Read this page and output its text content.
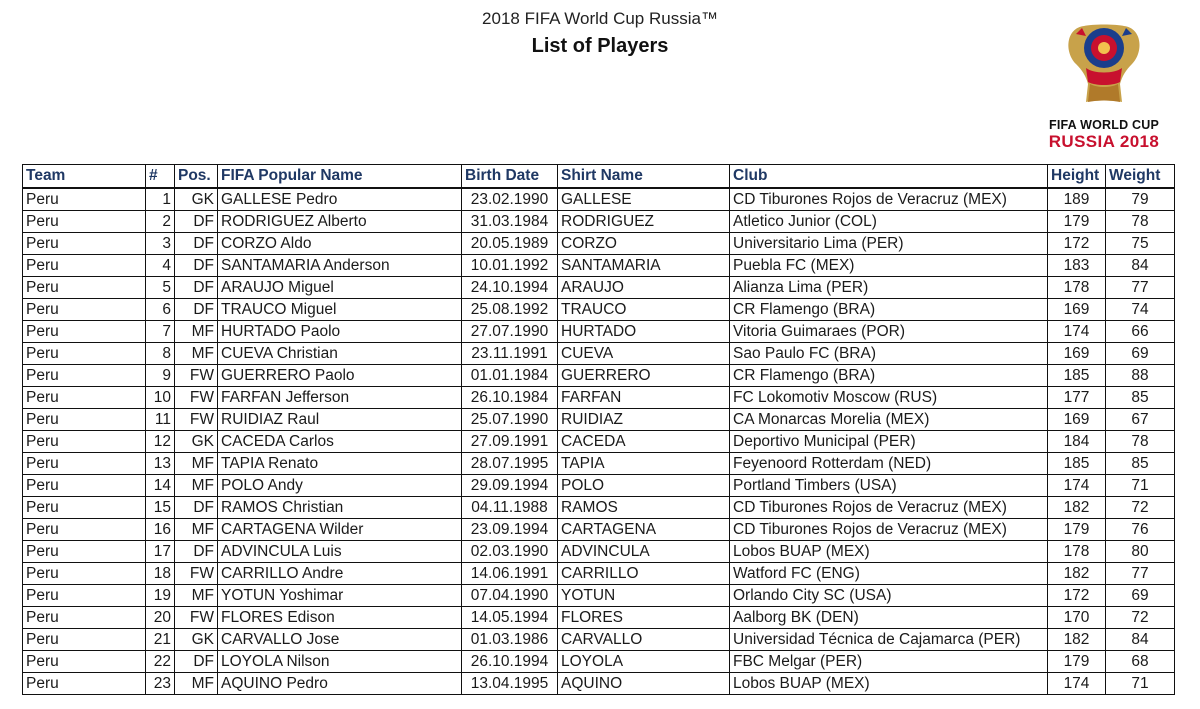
2018 FIFA World Cup Russia™
List of Players
FIFA WORLD CUP
RUSSIA 2018
Team	#	Pos.	FIFA Popular Name	Birth Date	Shirt Name	Club	Height	Weight
Peru	1	GK	GALLESE Pedro	23.02.1990	GALLESE	CD Tiburones Rojos de Veracruz (MEX)	189	79
Peru	2	DF	RODRIGUEZ Alberto	31.03.1984	RODRIGUEZ	Atletico Junior (COL)	179	78
Peru	3	DF	CORZO Aldo	20.05.1989	CORZO	Universitario Lima (PER)	172	75
Peru	4	DF	SANTAMARIA Anderson	10.01.1992	SANTAMARIA	Puebla FC (MEX)	183	84
Peru	5	DF	ARAUJO Miguel	24.10.1994	ARAUJO	Alianza Lima (PER)	178	77
Peru	6	DF	TRAUCO Miguel	25.08.1992	TRAUCO	CR Flamengo (BRA)	169	74
Peru	7	MF	HURTADO Paolo	27.07.1990	HURTADO	Vitoria Guimaraes (POR)	174	66
Peru	8	MF	CUEVA Christian	23.11.1991	CUEVA	Sao Paulo FC (BRA)	169	69
Peru	9	FW	GUERRERO Paolo	01.01.1984	GUERRERO	CR Flamengo (BRA)	185	88
Peru	10	FW	FARFAN Jefferson	26.10.1984	FARFAN	FC Lokomotiv Moscow (RUS)	177	85
Peru	11	FW	RUIDIAZ Raul	25.07.1990	RUIDIAZ	CA Monarcas Morelia (MEX)	169	67
Peru	12	GK	CACEDA Carlos	27.09.1991	CACEDA	Deportivo Municipal (PER)	184	78
Peru	13	MF	TAPIA Renato	28.07.1995	TAPIA	Feyenoord Rotterdam (NED)	185	85
Peru	14	MF	POLO Andy	29.09.1994	POLO	Portland Timbers (USA)	174	71
Peru	15	DF	RAMOS Christian	04.11.1988	RAMOS	CD Tiburones Rojos de Veracruz (MEX)	182	72
Peru	16	MF	CARTAGENA Wilder	23.09.1994	CARTAGENA	CD Tiburones Rojos de Veracruz (MEX)	179	76
Peru	17	DF	ADVINCULA Luis	02.03.1990	ADVINCULA	Lobos BUAP (MEX)	178	80
Peru	18	FW	CARRILLO Andre	14.06.1991	CARRILLO	Watford FC (ENG)	182	77
Peru	19	MF	YOTUN Yoshimar	07.04.1990	YOTUN	Orlando City SC (USA)	172	69
Peru	20	FW	FLORES Edison	14.05.1994	FLORES	Aalborg BK (DEN)	170	72
Peru	21	GK	CARVALLO Jose	01.03.1986	CARVALLO	Universidad Técnica de Cajamarca (PER)	182	84
Peru	22	DF	LOYOLA Nilson	26.10.1994	LOYOLA	FBC Melgar (PER)	179	68
Peru	23	MF	AQUINO Pedro	13.04.1995	AQUINO	Lobos BUAP (MEX)	174	71
